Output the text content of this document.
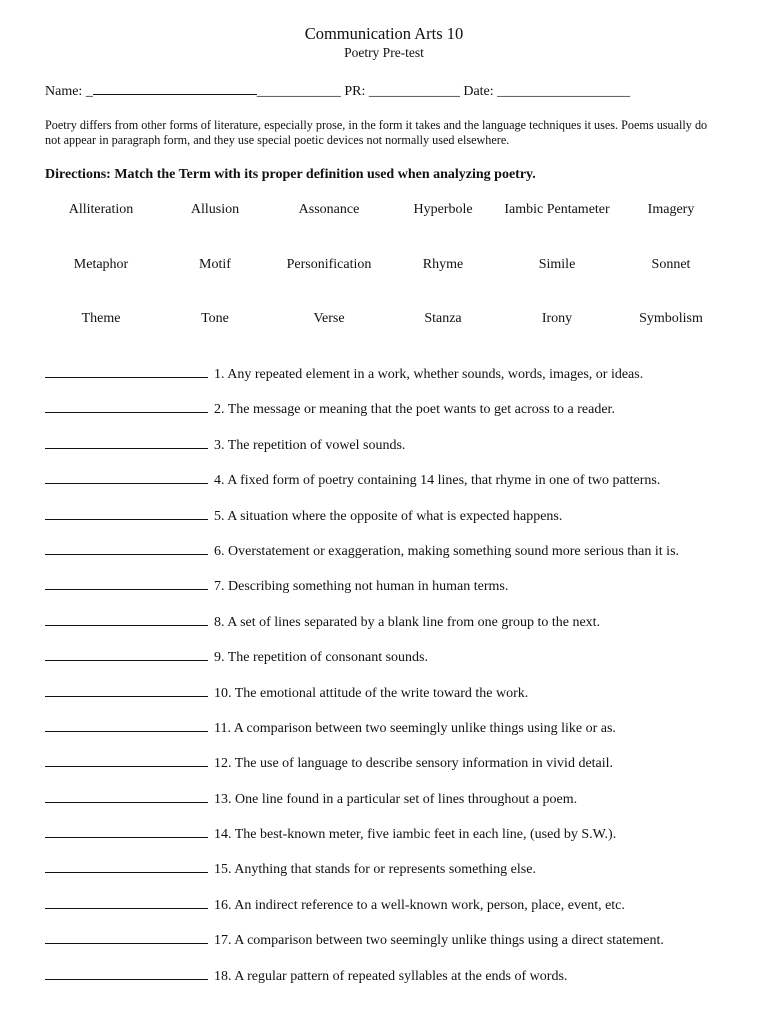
Communication Arts 10
Poetry Pre-test
Name: _	____________ PR: _____________ Date: ___________________
Poetry differs from other forms of literature, especially prose, in the form it takes and the language techniques it uses. Poems usually do not appear in paragraph form, and they use special poetic devices not normally used elsewhere.
Directions: Match the Term with its proper definition used when analyzing poetry.
Alliteration	Allusion	Assonance	Hyperbole	Iambic Pentameter	Imagery
Metaphor	Motif	Personification	Rhyme	Simile	Sonnet
Theme	Tone	Verse	Stanza	Irony	Symbolism
1. Any repeated element in a work, whether sounds, words, images, or ideas.
2. The message or meaning that the poet wants to get across to a reader.
3. The repetition of vowel sounds.
4. A fixed form of poetry containing 14 lines, that rhyme in one of two patterns.
5. A situation where the opposite of what is expected happens.
6. Overstatement or exaggeration, making something sound more serious than it is.
7. Describing something not human in human terms.
8. A set of lines separated by a blank line from one group to the next.
9. The repetition of consonant sounds.
10. The emotional attitude of the write toward the work.
11. A comparison between two seemingly unlike things using like or as.
12. The use of language to describe sensory information in vivid detail.
13. One line found in a particular set of lines throughout a poem.
14. The best-known meter, five iambic feet in each line, (used by S.W.).
15. Anything that stands for or represents something else.
16. An indirect reference to a well-known work, person, place, event, etc.
17. A comparison between two seemingly unlike things using a direct statement.
18. A regular pattern of repeated syllables at the ends of words.
